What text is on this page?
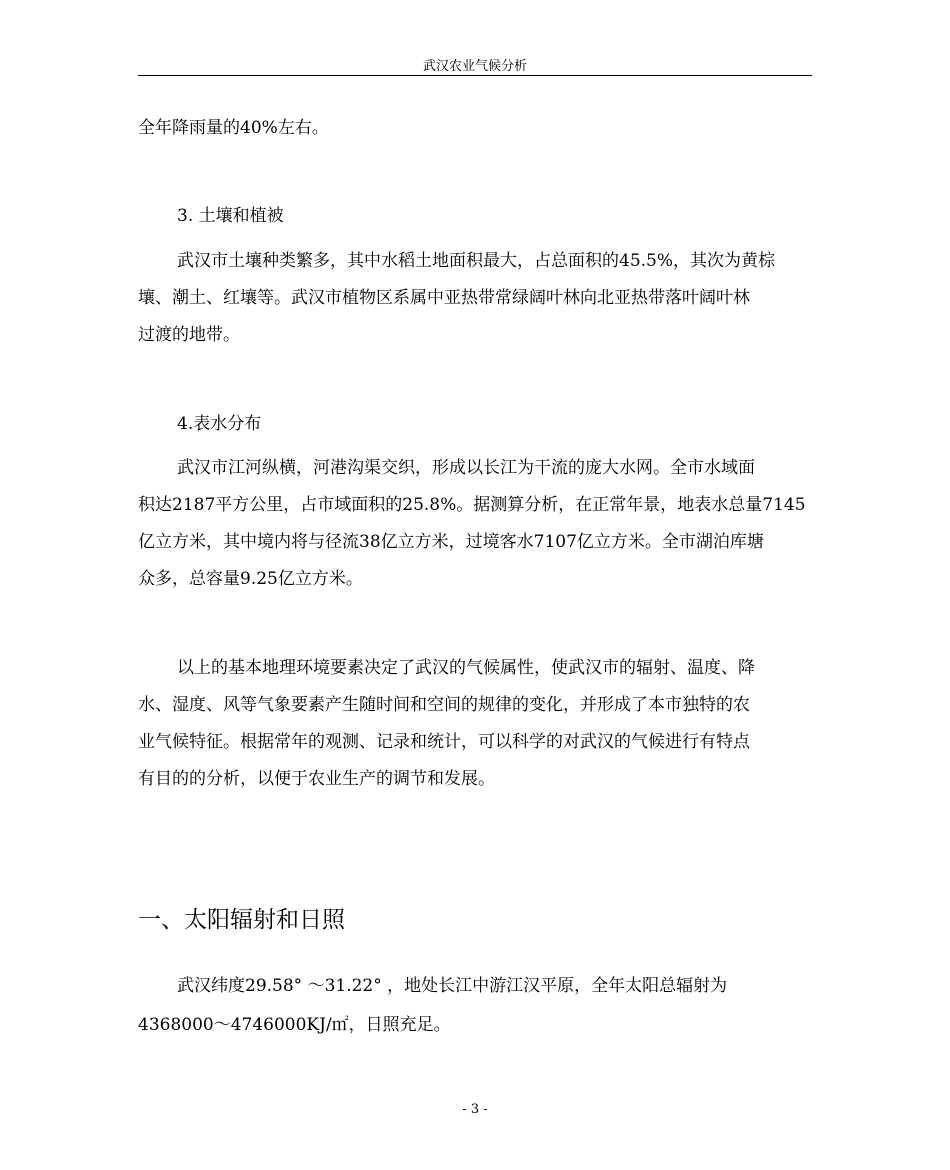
武汉农业气候分析
全年降雨量的40%左右。
3. 土壤和植被
武汉市土壤种类繁多，其中水稻土地面积最大，占总面积的45.5%，其次为黄棕
壤、潮土、红壤等。武汉市植物区系属中亚热带常绿阔叶林向北亚热带落叶阔叶林
过渡的地带。
4.表水分布
武汉市江河纵横，河港沟渠交织，形成以长江为干流的庞大水网。全市水域面
积达2187平方公里，占市域面积的25.8%。据测算分析，在正常年景，地表水总量7145
亿立方米，其中境内将与径流38亿立方米，过境客水7107亿立方米。全市湖泊库塘
众多，总容量9.25亿立方米。
以上的基本地理环境要素决定了武汉的气候属性，使武汉市的辐射、温度、降
水、湿度、风等气象要素产生随时间和空间的规律的变化，并形成了本市独特的农
业气候特征。根据常年的观测、记录和统计，可以科学的对武汉的气候进行有特点
有目的的分析，以便于农业生产的调节和发展。
一、太阳辐射和日照
武汉纬度29.58° ～31.22° ，地处长江中游江汉平原，全年太阳总辐射为
4368000～4746000KJ/㎡，日照充足。
- 3 -
